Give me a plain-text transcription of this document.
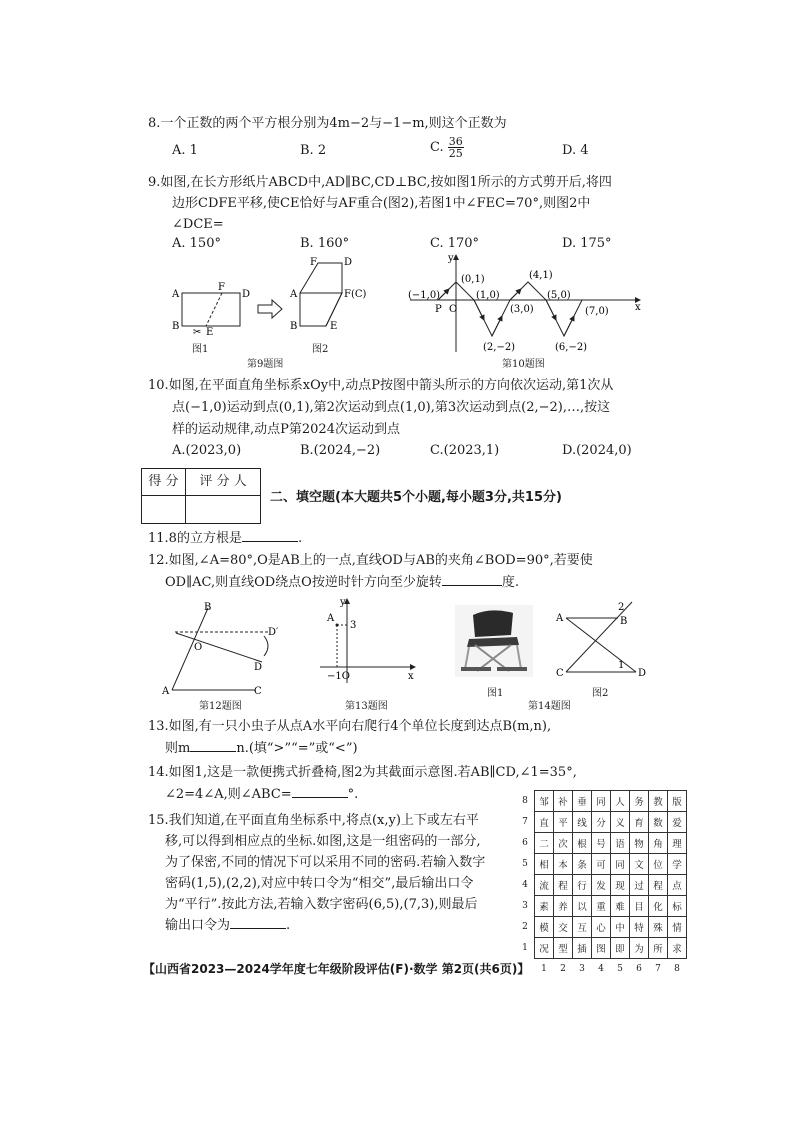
8.一个正数的两个平方根分别为4m−2与−1−m,则这个正数为
A. 1	B. 2	C. $\frac{36}{25}$	D. 4
9.如图,在长方形纸片ABCD中,AD∥BC,CD⊥BC,按如图1所示的方式剪开后,将四
边形CDFE平移,使CE恰好与AF重合(图2),若图1中∠FEC=70°,则图2中
∠DCE=
A. 150°	B. 160°	C. 170°	D. 175°
A	D
F
B
E
✂
A
F	D
F(C)
B	E
图1	图2
第9题图
x
y
O
P
(−1,0)
(0,1)
(1,0)
(2,−2)
(3,0)
(4,1)
(5,0)
(6,−2)
(7,0)
第10题图
10.如图,在平面直角坐标系xOy中,动点P按图中箭头所示的方向依次运动,第1次从
点(−1,0)运动到点(0,1),第2次运动到点(1,0),第3次运动到点(2,−2),…,按这
样的运动规律,动点P第2024次运动到点
A.(2023,0)	B.(2024,−2)	C.(2023,1)	D.(2024,0)
得 分	评 分 人
二、填空题(本大题共5个小题,每小题3分,共15分)
11.8的立方根是	.
12.如图,∠A=80°,O是AB上的一点,直线OD与AB的夹角∠BOD=90°,若要使
OD∥AC,则直线OD绕点O按逆时针方向至少旋转	度.
A
B
C
D
D′
O
第12题图
A
3
y
x
−1O
第13题图
图1
A	B
C	D
1
2
图2
第14题图
13.如图,有一只小虫子从点A水平向右爬行4个单位长度到达点B(m,n),
则m	n.(填“>”“=”或“<”)
14.如图1,这是一款便携式折叠椅,图2为其截面示意图.若AB∥CD,∠1=35°,
∠2=4∠A,则∠ABC=	°.
15.我们知道,在平面直角坐标系中,将点(x,y)上下或左右平
移,可以得到相应点的坐标.如图,这是一组密码的一部分,
为了保密,不同的情况下可以采用不同的密码.若输入数字
密码(1,5),(2,2),对应中转口令为“相交”,最后输出口令
为“平行”.按此方法,若输入数字密码(6,5),(7,3),则最后
输出口令为	.
8	邹	补	垂	同	人	务	教	版
7	直	平	线	分	义	育	数	爱
6	二	次	根	号	语	物	角	理
5	相	本	条	可	同	文	位	学
4	流	程	行	发	现	过	程	点
3	素	养	以	重	难	目	化	标
2	模	交	互	心	中	特	殊	情
1	况	型	插	图	即	为	所	求
	1	2	3	4	5	6	7	8
【山西省2023—2024学年度七年级阶段评估(F)·数学 第2页(共6页)】
